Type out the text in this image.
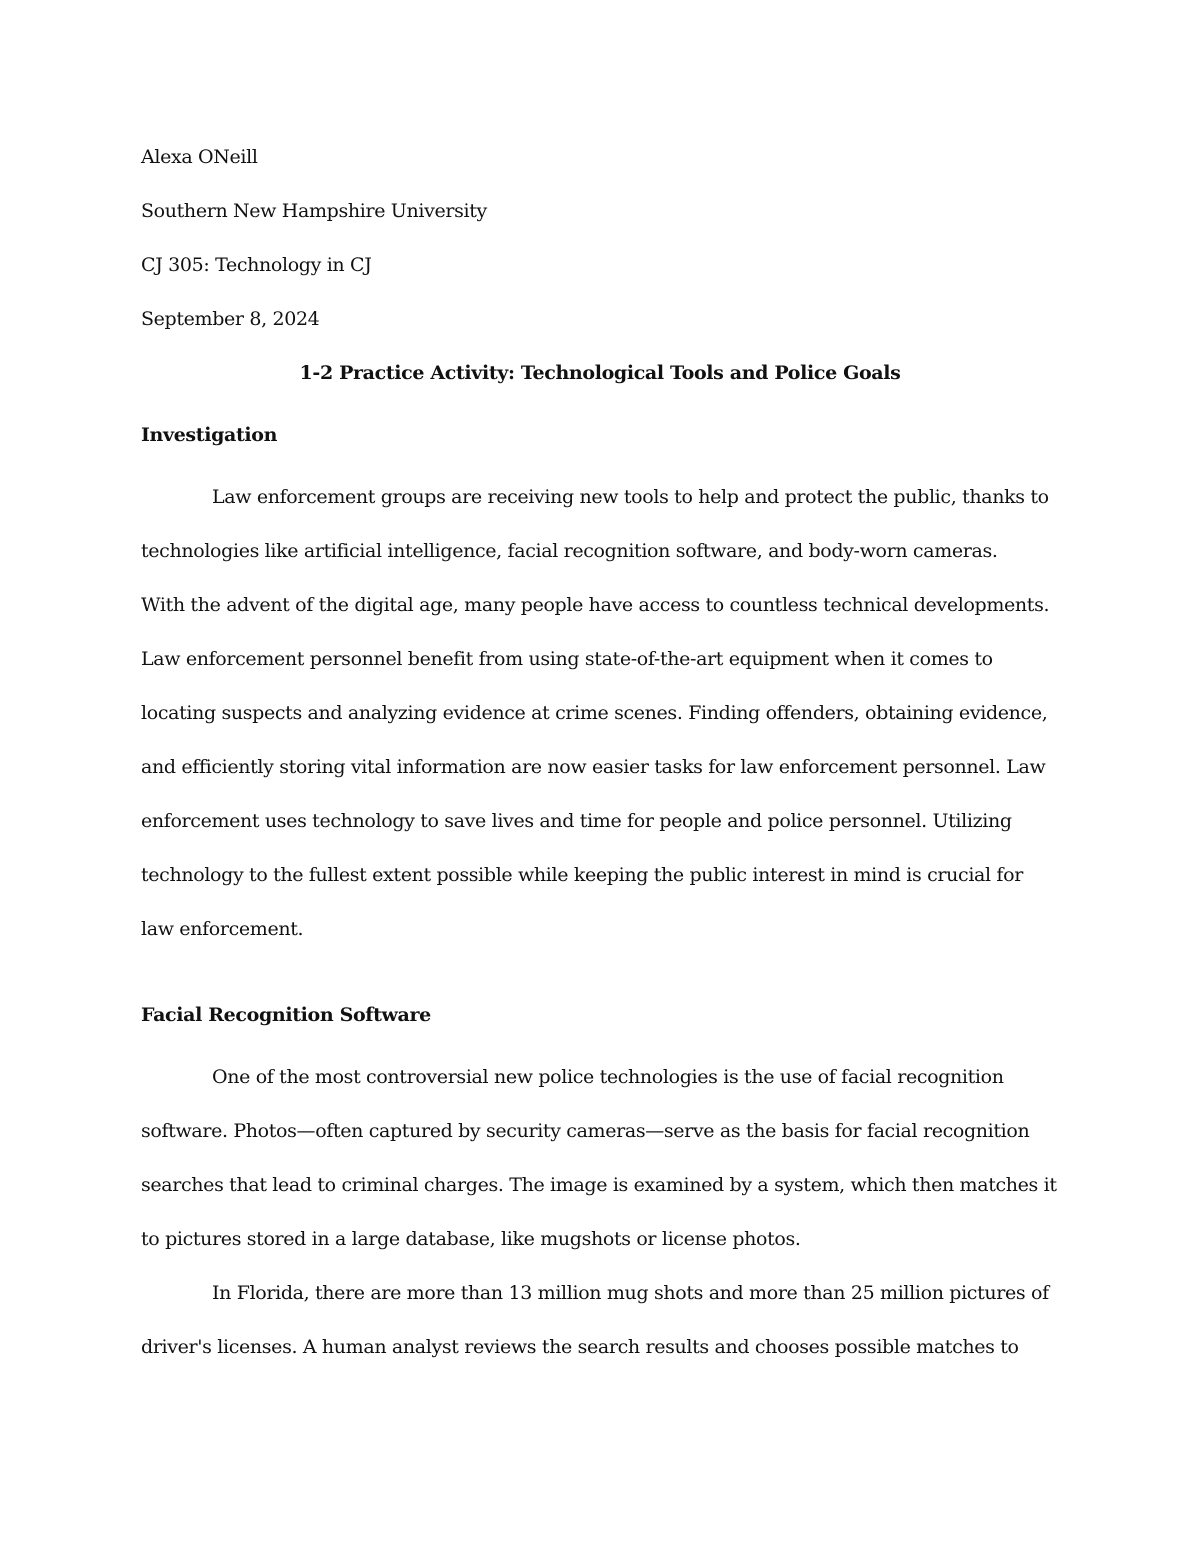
Alexa ONeill
Southern New Hampshire University
CJ 305: Technology in CJ
September 8, 2024
1-2 Practice Activity: Technological Tools and Police Goals
Investigation
Law enforcement groups are receiving new tools to help and protect the public, thanks to
technologies like artificial intelligence, facial recognition software, and body-worn cameras.
With the advent of the digital age, many people have access to countless technical developments.
Law enforcement personnel benefit from using state-of-the-art equipment when it comes to
locating suspects and analyzing evidence at crime scenes. Finding offenders, obtaining evidence,
and efficiently storing vital information are now easier tasks for law enforcement personnel. Law
enforcement uses technology to save lives and time for people and police personnel. Utilizing
technology to the fullest extent possible while keeping the public interest in mind is crucial for
law enforcement.
Facial Recognition Software
One of the most controversial new police technologies is the use of facial recognition
software. Photos—often captured by security cameras—serve as the basis for facial recognition
searches that lead to criminal charges. The image is examined by a system, which then matches it
to pictures stored in a large database, like mugshots or license photos.
In Florida, there are more than 13 million mug shots and more than 25 million pictures of
driver's licenses. A human analyst reviews the search results and chooses possible matches to
